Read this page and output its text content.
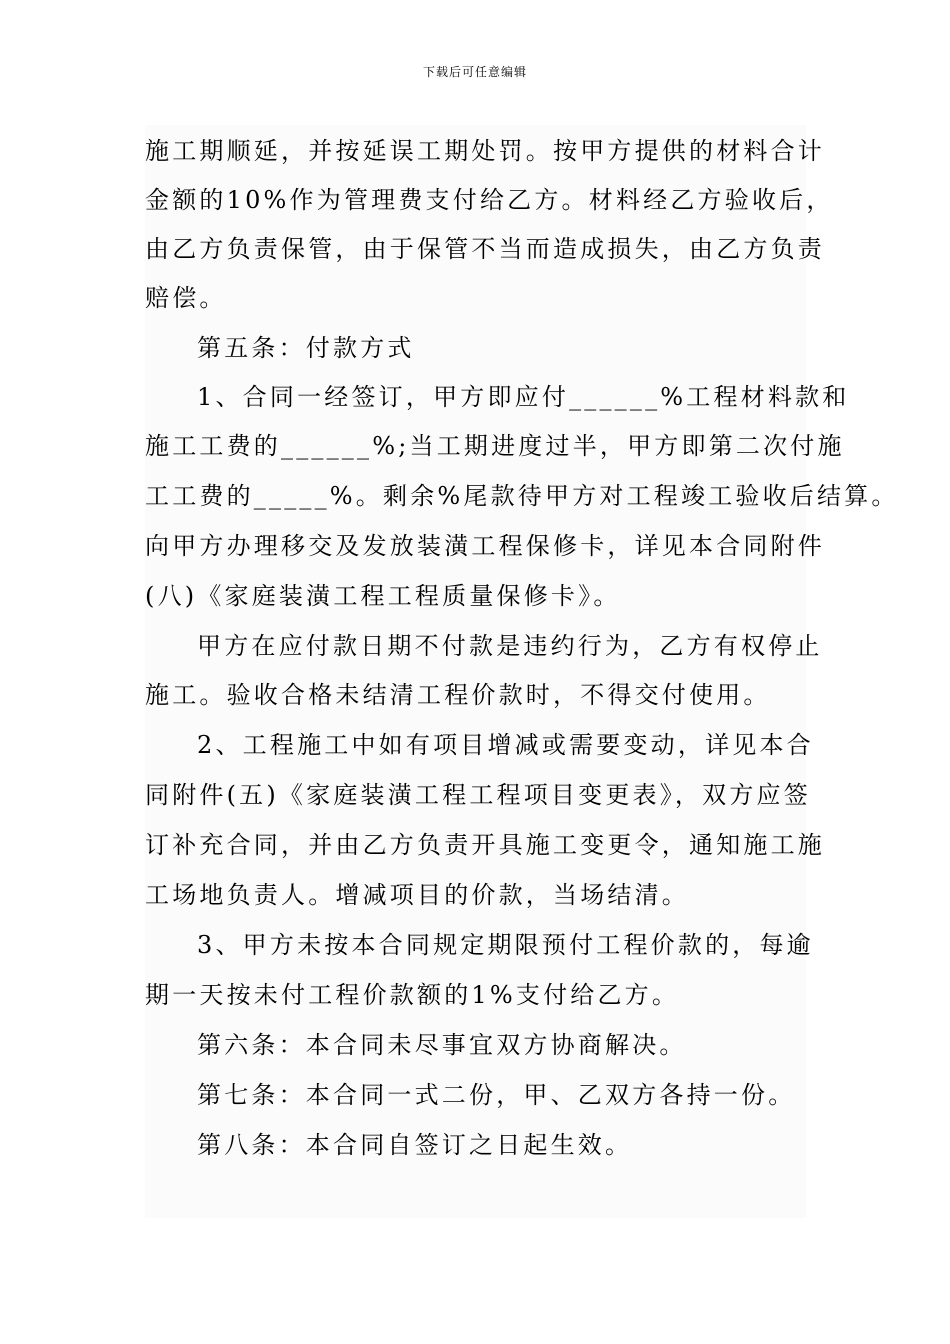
下载后可任意编辑
施工期顺延，并按延误工期处罚。按甲方提供的材料合计
金额的10%作为管理费支付给乙方。材料经乙方验收后，
由乙方负责保管，由于保管不当而造成损失，由乙方负责
赔偿。
第五条：付款方式
1、合同一经签订，甲方即应付______%工程材料款和
施工工费的______%;当工期进度过半，甲方即第二次付施
工工费的_____%。剩余%尾款待甲方对工程竣工验收后结算。
向甲方办理移交及发放装潢工程保修卡，详见本合同附件
(八)《家庭装潢工程工程质量保修卡》。
甲方在应付款日期不付款是违约行为，乙方有权停止
施工。验收合格未结清工程价款时，不得交付使用。
2、工程施工中如有项目增减或需要变动，详见本合
同附件(五)《家庭装潢工程工程项目变更表》，双方应签
订补充合同，并由乙方负责开具施工变更令，通知施工施
工场地负责人。增减项目的价款，当场结清。
3、甲方未按本合同规定期限预付工程价款的，每逾
期一天按未付工程价款额的1%支付给乙方。
第六条：本合同未尽事宜双方协商解决。
第七条：本合同一式二份，甲、乙双方各持一份。
第八条：本合同自签订之日起生效。
